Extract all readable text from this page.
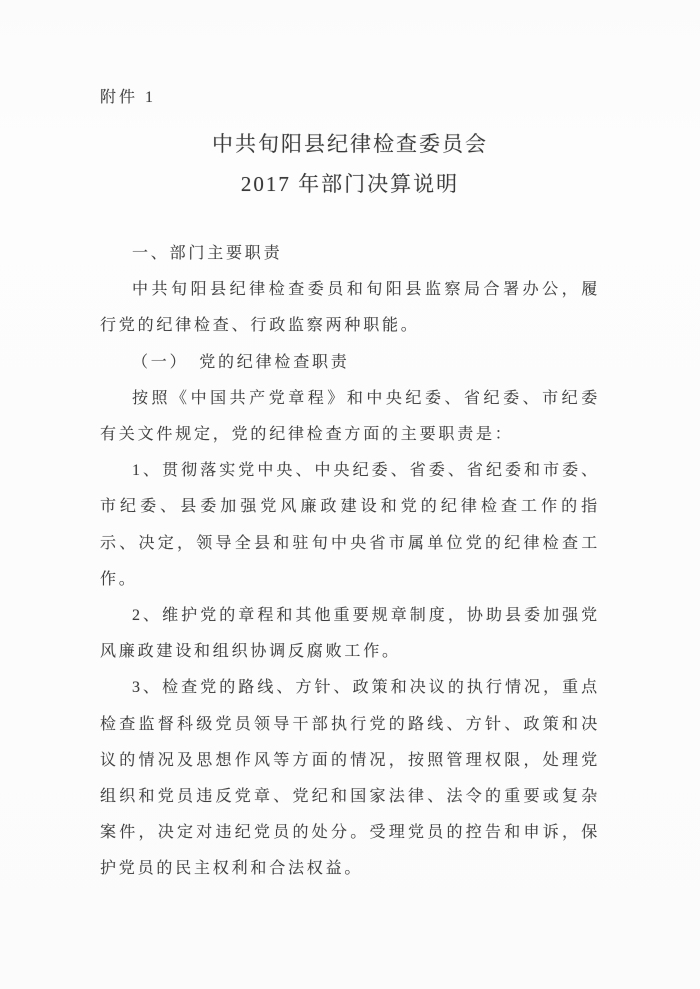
附件 1
中共旬阳县纪律检查委员会
2017 年部门决算说明

一、部门主要职责

中共旬阳县纪律检查委员和旬阳县监察局合署办公，履行党的纪律检查、行政监察两种职能。

（一）　党的纪律检查职责

按照《中国共产党章程》和中央纪委、省纪委、市纪委有关文件规定，党的纪律检查方面的主要职责是：

1、贯彻落实党中央、中央纪委、省委、省纪委和市委、市纪委、县委加强党风廉政建设和党的纪律检查工作的指示、决定，领导全县和驻旬中央省市属单位党的纪律检查工作。

2、维护党的章程和其他重要规章制度，协助县委加强党风廉政建设和组织协调反腐败工作。

3、检查党的路线、方针、政策和决议的执行情况，重点检查监督科级党员领导干部执行党的路线、方针、政策和决议的情况及思想作风等方面的情况，按照管理权限，处理党组织和党员违反党章、党纪和国家法律、法令的重要或复杂案件，决定对违纪党员的处分。受理党员的控告和申诉，保护党员的民主权利和合法权益。
